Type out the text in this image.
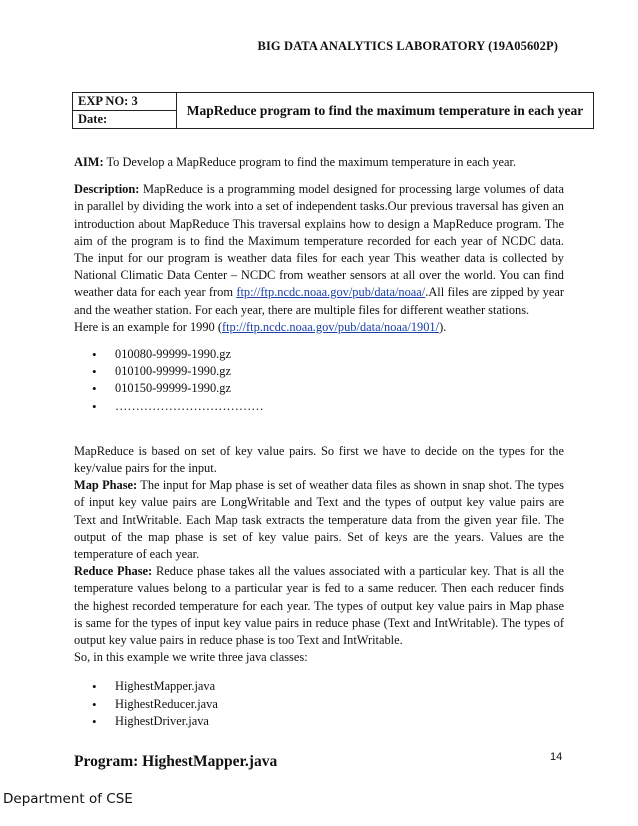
BIG DATA ANALYTICS LABORATORY (19A05602P)
EXP NO: 3
Date:
MapReduce program to find the maximum temperature in each year

AIM: To Develop a MapReduce program to find the maximum temperature in each year.

Description: MapReduce is a programming model designed for processing large volumes of data in parallel by dividing the work into a set of independent tasks.Our previous traversal has given an introduction about MapReduce This traversal explains how to design a MapReduce program. The aim of the program is to find the Maximum temperature recorded for each year of NCDC data. The input for our program is weather data files for each year This weather data is collected by National Climatic Data Center – NCDC from weather sensors at all over the world. You can find weather data for each year from ftp://ftp.ncdc.noaa.gov/pub/data/noaa/.All files are zipped by year and the weather station. For each year, there are multiple files for different weather stations.

Here is an example for 1990 (ftp://ftp.ncdc.noaa.gov/pub/data/noaa/1901/).

• 010080-99999-1990.gz
• 010100-99999-1990.gz
• 010150-99999-1990.gz
• ………………………………

MapReduce is based on set of key value pairs. So first we have to decide on the types for the key/value pairs for the input.

Map Phase: The input for Map phase is set of weather data files as shown in snap shot. The types of input key value pairs are LongWritable and Text and the types of output key value pairs are Text and IntWritable. Each Map task extracts the temperature data from the given year file. The output of the map phase is set of key value pairs. Set of keys are the years. Values are the temperature of each year.

Reduce Phase: Reduce phase takes all the values associated with a particular key. That is all the temperature values belong to a particular year is fed to a same reducer. Then each reducer finds the highest recorded temperature for each year. The types of output key value pairs in Map phase is same for the types of input key value pairs in reduce phase (Text and IntWritable). The types of output key value pairs in reduce phase is too Text and IntWritable.

So, in this example we write three java classes:

• HighestMapper.java
• HighestReducer.java
• HighestDriver.java
Program: HighestMapper.java	14
Department of CSE
